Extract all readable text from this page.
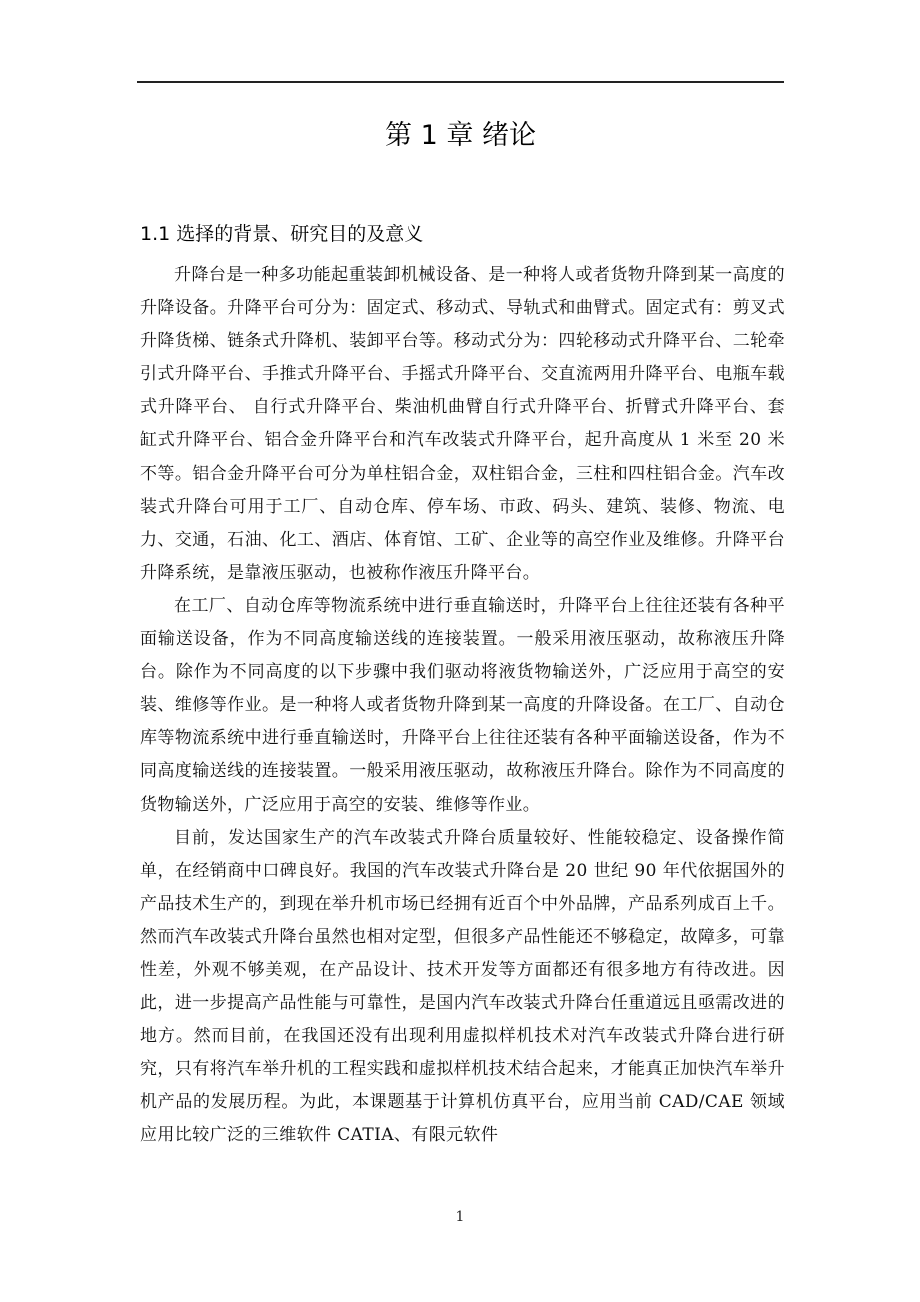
第 1 章 绪论
1.1 选择的背景、研究目的及意义

升降台是一种多功能起重装卸机械设备、是一种将人或者货物升降到某一高度的升降设备。升降平台可分为：固定式、移动式、导轨式和曲臂式。固定式有：剪叉式升降货梯、链条式升降机、装卸平台等。移动式分为：四轮移动式升降平台、二轮牵引式升降平台、手推式升降平台、手摇式升降平台、交直流两用升降平台、电瓶车载式升降平台、 自行式升降平台、柴油机曲臂自行式升降平台、折臂式升降平台、套缸式升降平台、铝合金升降平台和汽车改装式升降平台，起升高度从 1 米至 20 米不等。铝合金升降平台可分为单柱铝合金，双柱铝合金，三柱和四柱铝合金。汽车改装式升降台可用于工厂、自动仓库、停车场、市政、码头、建筑、装修、物流、电力、交通，石油、化工、酒店、体育馆、工矿、企业等的高空作业及维修。升降平台升降系统，是靠液压驱动，也被称作液压升降平台。

在工厂、自动仓库等物流系统中进行垂直输送时，升降平台上往往还装有各种平面输送设备，作为不同高度输送线的连接装置。一般采用液压驱动，故称液压升降台。除作为不同高度的以下步骤中我们驱动将液货物输送外，广泛应用于高空的安装、维修等作业。是一种将人或者货物升降到某一高度的升降设备。在工厂、自动仓库等物流系统中进行垂直输送时，升降平台上往往还装有各种平面输送设备，作为不同高度输送线的连接装置。一般采用液压驱动，故称液压升降台。除作为不同高度的货物输送外，广泛应用于高空的安装、维修等作业。

目前，发达国家生产的汽车改装式升降台质量较好、性能较稳定、设备操作简单，在经销商中口碑良好。我国的汽车改装式升降台是 20 世纪 90 年代依据国外的产品技术生产的，到现在举升机市场已经拥有近百个中外品牌，产品系列成百上千。然而汽车改装式升降台虽然也相对定型，但很多产品性能还不够稳定，故障多，可靠性差，外观不够美观，在产品设计、技术开发等方面都还有很多地方有待改进。因此，进一步提高产品性能与可靠性，是国内汽车改装式升降台任重道远且亟需改进的地方。然而目前，在我国还没有出现利用虚拟样机技术对汽车改装式升降台进行研究，只有将汽车举升机的工程实践和虚拟样机技术结合起来，才能真正加快汽车举升机产品的发展历程。为此，本课题基于计算机仿真平台，应用当前 CAD/CAE 领域应用比较广泛的三维软件 CATIA、有限元软件

1
